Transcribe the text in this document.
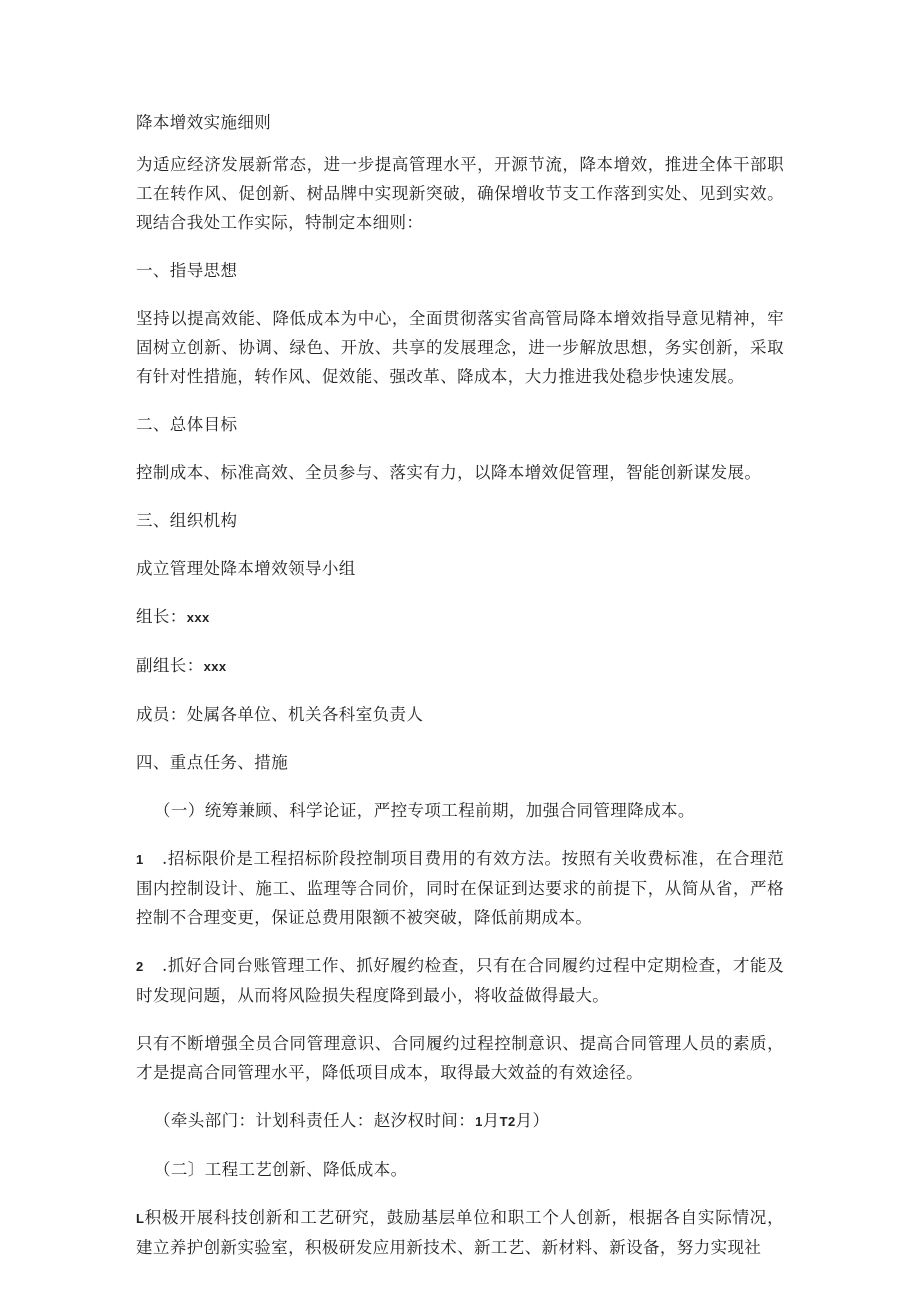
降本增效实施细则

为适应经济发展新常态，进一步提高管理水平，开源节流，降本增效，推进全体干部职工在转作风、促创新、树品牌中实现新突破，确保增收节支工作落到实处、见到实效。现结合我处工作实际，特制定本细则：

一、指导思想

坚持以提高效能、降低成本为中心，全面贯彻落实省高管局降本增效指导意见精神，牢固树立创新、协调、绿色、开放、共享的发展理念，进一步解放思想，务实创新，采取有针对性措施，转作风、促效能、强改革、降成本，大力推进我处稳步快速发展。

二、总体目标

控制成本、标准高效、全员参与、落实有力，以降本增效促管理，智能创新谋发展。

三、组织机构

成立管理处降本增效领导小组

组长：xxx

副组长：xxx

成员：处属各单位、机关各科室负责人

四、重点任务、措施

（一）统筹兼顾、科学论证，严控专项工程前期，加强合同管理降成本。

1 .招标限价是工程招标阶段控制项目费用的有效方法。按照有关收费标准，在合理范围内控制设计、施工、监理等合同价，同时在保证到达要求的前提下，从简从省，严格控制不合理变更，保证总费用限额不被突破，降低前期成本。

2 .抓好合同台账管理工作、抓好履约检查，只有在合同履约过程中定期检查，才能及时发现问题，从而将风险损失程度降到最小，将收益做得最大。

只有不断增强全员合同管理意识、合同履约过程控制意识、提高合同管理人员的素质，才是提高合同管理水平，降低项目成本，取得最大效益的有效途径。

（牵头部门：计划科责任人：赵汐权时间：1月T2月）

（二〕工程工艺创新、降低成本。

L积极开展科技创新和工艺研究，鼓励基层单位和职工个人创新，根据各自实际情况，建立养护创新实验室，积极研发应用新技术、新工艺、新材料、新设备，努力实现社
